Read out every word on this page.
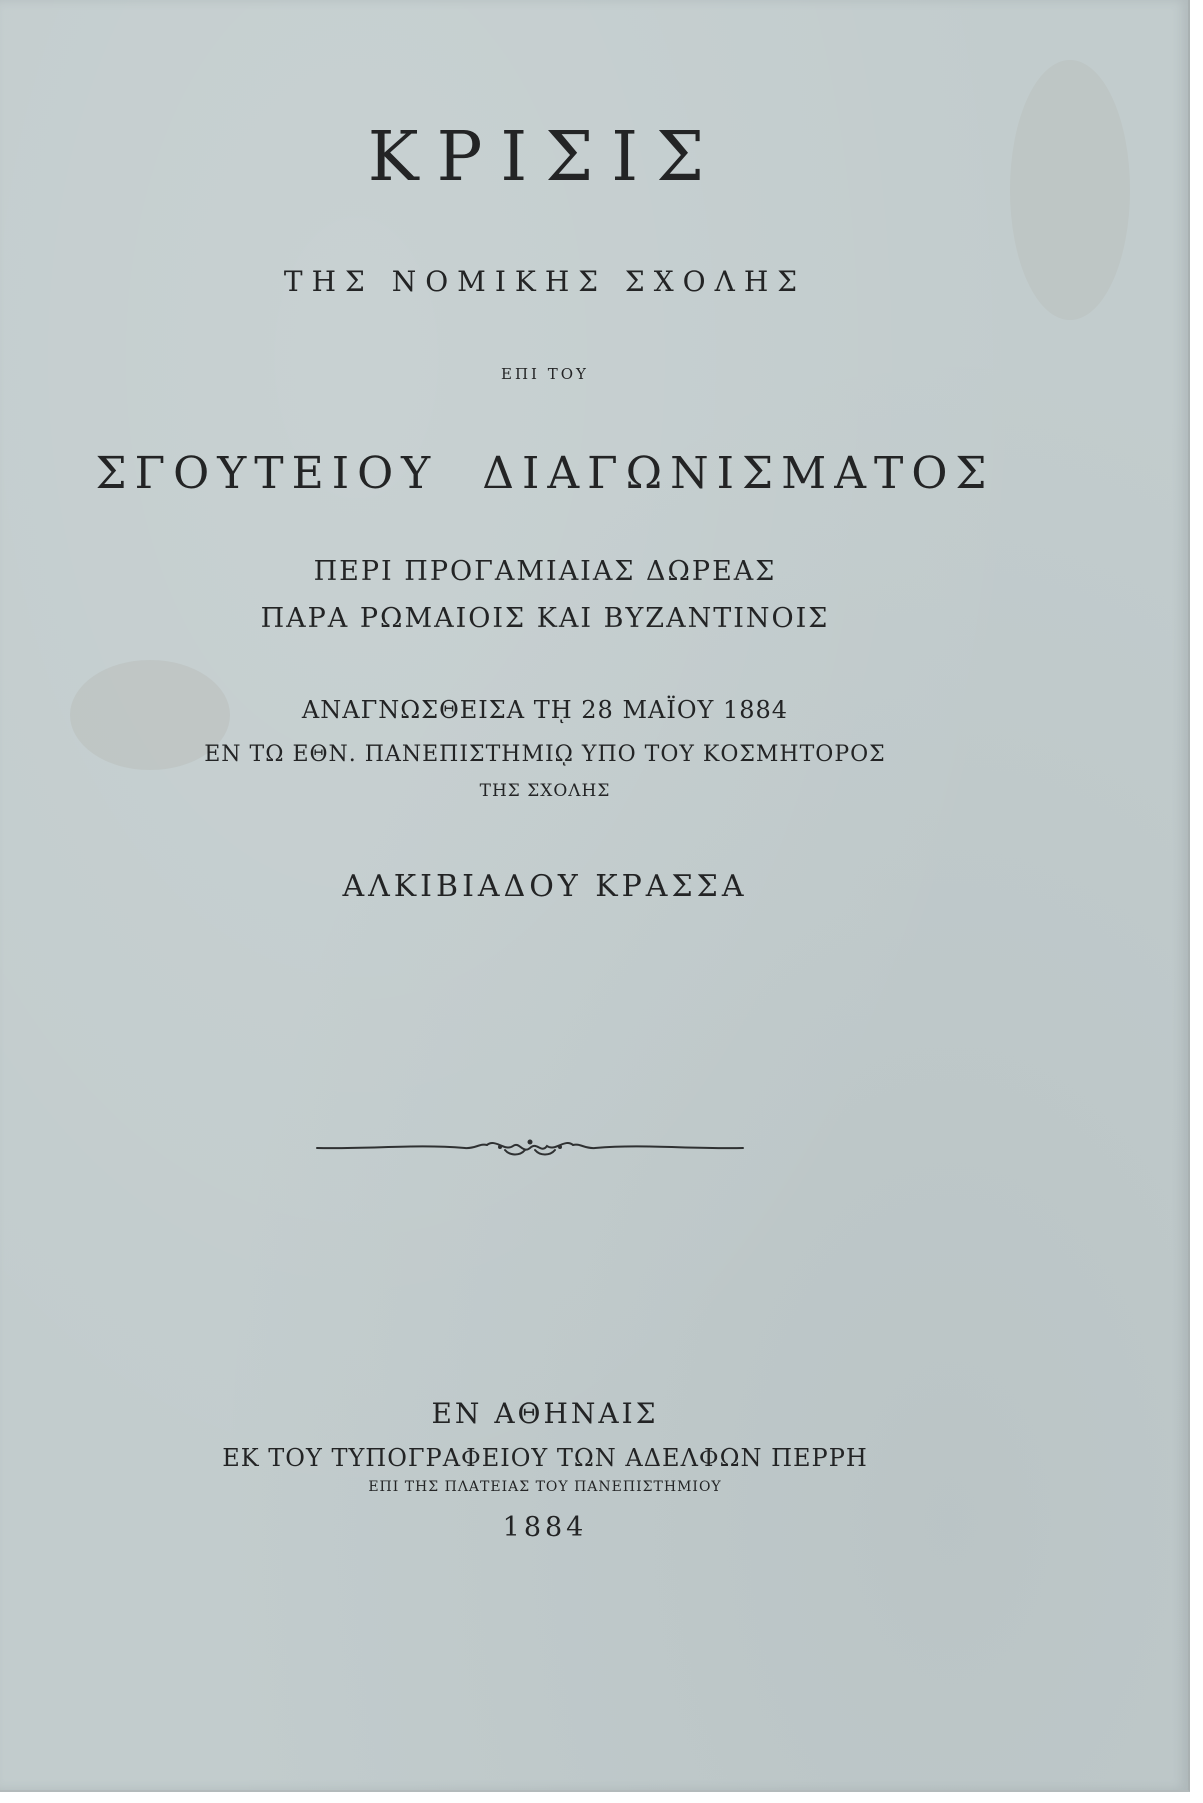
ΚΡΙΣΙΣ
ΤΗΣ ΝΟΜΙΚΗΣ ΣΧΟΛΗΣ
ΕΠΙ ΤΟΥ
ΣΓΟΥΤΕΙΟΥ ΔΙΑΓΩΝΙΣΜΑΤΟΣ
ΠΕΡΙ ΠΡΟΓΑΜΙΑΙΑΣ ΔΩΡΕΑΣ
ΠΑΡΑ ΡΩΜΑΙΟΙΣ ΚΑΙ ΒΥΖΑΝΤΙΝΟΙΣ
ΑΝΑΓΝΩΣΘΕΙΣΑ Τῌ 28 ΜΑΪΟΥ 1884
ΕΝ ΤΩ ΕΘΝ. ΠΑΝΕΠΙΣΤΗΜΙῼ ΥΠΟ ΤΟΥ ΚΟΣΜΗΤΟΡΟΣ
ΤΗΣ ΣΧΟΛΗΣ
ΑΛΚΙΒΙΑΔΟΥ ΚΡΑΣΣΑ
ΕΝ ΑΘΗΝΑΙΣ
ΕΚ ΤΟΥ ΤΥΠΟΓΡΑΦΕΙΟΥ ΤΩΝ ΑΔΕΛΦΩΝ ΠΕΡΡΗ
ΕΠΙ ΤΗΣ ΠΛΑΤΕΙΑΣ ΤΟΥ ΠΑΝΕΠΙΣΤΗΜΙΟΥ
1884
